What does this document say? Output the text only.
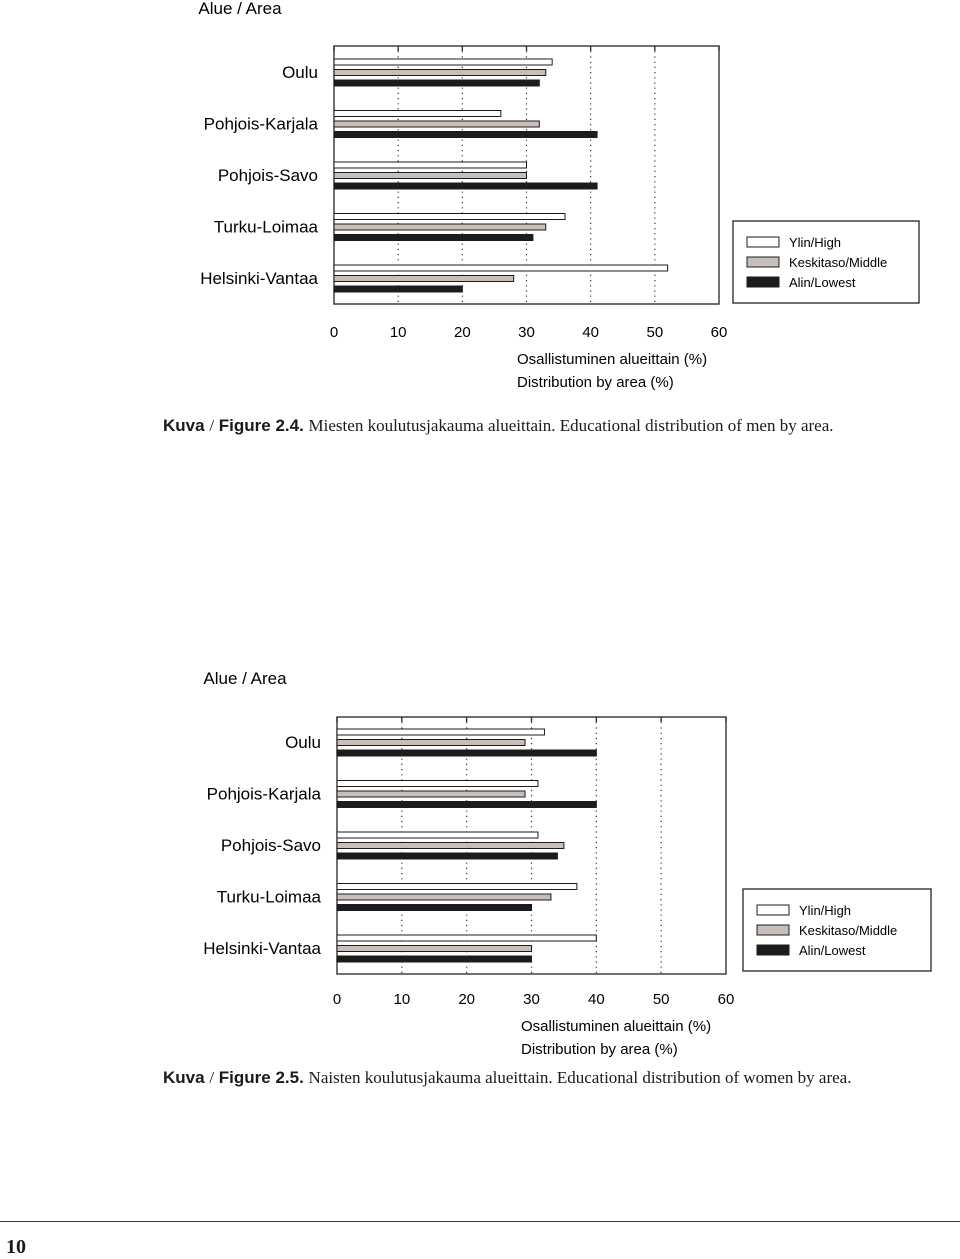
Alue / Area
Oulu
Pohjois-Karjala
Pohjois-Savo
Turku-Loimaa
Helsinki-Vantaa
0	10	20	30	40	50	60
Osallistuminen alueittain (%)
Distribution by area (%)
Ylin/High
Keskitaso/Middle
Alin/Lowest
Kuva / Figure 2.4. Miesten koulutusjakauma alueittain. Educational distribution of men by area.
Alue / Area
Oulu
Pohjois-Karjala
Pohjois-Savo
Turku-Loimaa
Helsinki-Vantaa
0	10	20	30	40	50	60
Osallistuminen alueittain (%)
Distribution by area (%)
Ylin/High
Keskitaso/Middle
Alin/Lowest
Kuva / Figure 2.5. Naisten koulutusjakauma alueittain. Educational distribution of women by area.
10
